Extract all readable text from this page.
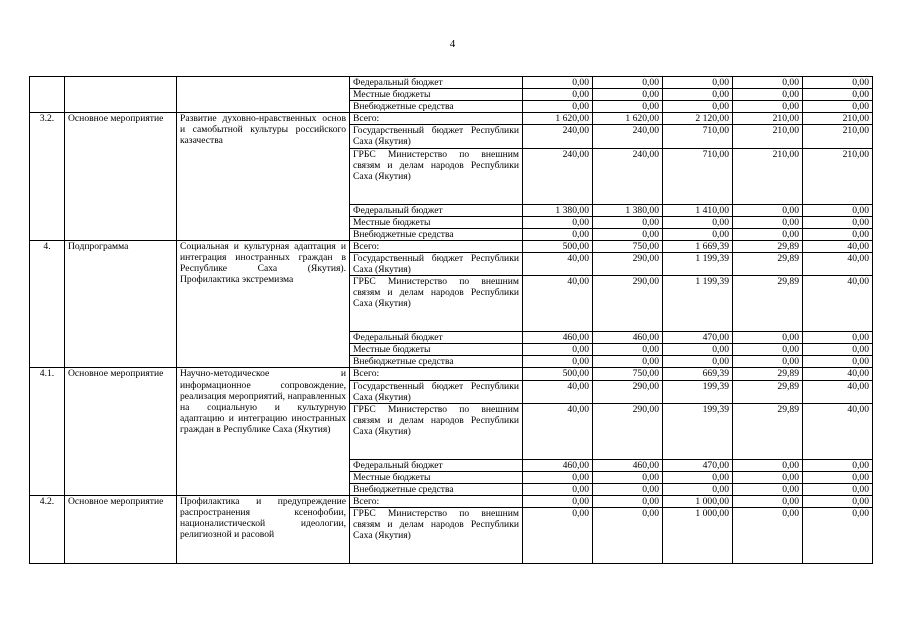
4
			Федеральный бюджет	0,00	0,00	0,00	0,00	0,00
			Местные бюджеты	0,00	0,00	0,00	0,00	0,00
			Внебюджетные средства	0,00	0,00	0,00	0,00	0,00
3.2.	Основное мероприятие	Развитие духовно-нравственных основ и самобытной культуры российского казачества	Всего:	1 620,00	1 620,00	2 120,00	210,00	210,00
			Государственный бюджет Республики Саха (Якутия)	240,00	240,00	710,00	210,00	210,00
			ГРБС Министерство по внешним связям и делам народов Республики Саха (Якутия)	240,00	240,00	710,00	210,00	210,00
			Федеральный бюджет	1 380,00	1 380,00	1 410,00	0,00	0,00
			Местные бюджеты	0,00	0,00	0,00	0,00	0,00
			Внебюджетные средства	0,00	0,00	0,00	0,00	0,00
4.	Подпрограмма	Социальная и культурная адаптация и интеграция иностранных граждан в Республике Саха (Якутия). Профилактика экстремизма	Всего:	500,00	750,00	1 669,39	29,89	40,00
			Государственный бюджет Республики Саха (Якутия)	40,00	290,00	1 199,39	29,89	40,00
			ГРБС Министерство по внешним связям и делам народов Республики Саха (Якутия)	40,00	290,00	1 199,39	29,89	40,00
			Федеральный бюджет	460,00	460,00	470,00	0,00	0,00
			Местные бюджеты	0,00	0,00	0,00	0,00	0,00
			Внебюджетные средства	0,00	0,00	0,00	0,00	0,00
4.1.	Основное мероприятие	Научно-методическое и информационное сопровождение, реализация мероприятий, направленных на социальную и культурную адаптацию и интеграцию иностранных граждан в Республике Саха (Якутия)	Всего:	500,00	750,00	669,39	29,89	40,00
			Государственный бюджет Республики Саха (Якутия)	40,00	290,00	199,39	29,89	40,00
			ГРБС Министерство по внешним связям и делам народов Республики Саха (Якутия)	40,00	290,00	199,39	29,89	40,00
			Федеральный бюджет	460,00	460,00	470,00	0,00	0,00
			Местные бюджеты	0,00	0,00	0,00	0,00	0,00
			Внебюджетные средства	0,00	0,00	0,00	0,00	0,00
4.2.	Основное мероприятие	Профилактика и предупреждение распространения ксенофобии, националистической идеологии, религиозной и расовой	Всего:	0,00	0,00	1 000,00	0,00	0,00
			ГРБС Министерство по внешним связям и делам народов Республики Саха (Якутия)	0,00	0,00	1 000,00	0,00	0,00
